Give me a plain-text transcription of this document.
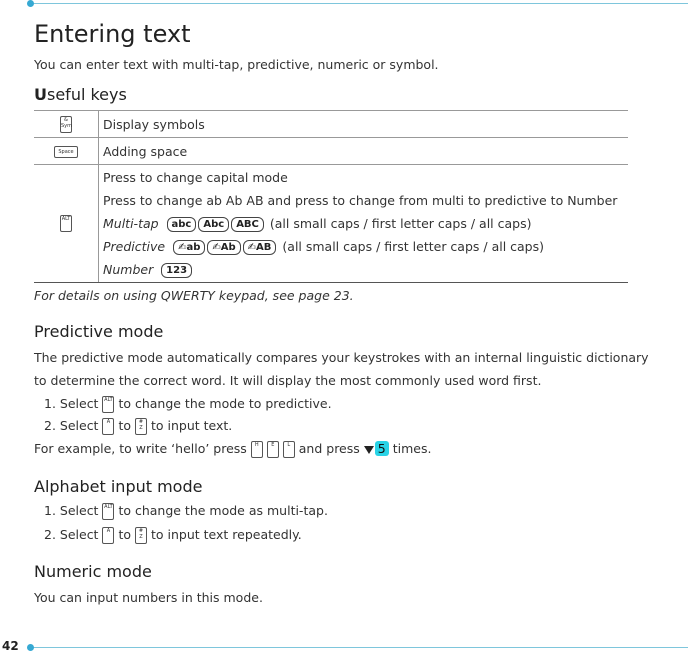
42
Entering text
You can enter text with multi-tap, predictive, numeric or symbol.
Useful keys
&
Sym	Display symbols

Space	Adding space

ALT	Press to change capital mode
Press to change ab Ab AB and press to change from multi to predictive to Number
Multi-tap abc Abc ABC (all small caps / first letter caps / all caps)
Predictive ✍ab ✍Ab ✍AB (all small caps / first letter caps / all caps)
Number 123
For details on using QWERTY keypad, see page 23.
Predictive mode
The predictive mode automatically compares your keystrokes with an internal linguistic dictionary
to determine the correct word. It will display the most commonly used word first.
1. Select ALT to change the mode to predictive.
2. Select A to #
Z to input text.
For example, to write ‘hello’ press H	E	L and press 5 times.
Alphabet input mode
1. Select ALT to change the mode as multi-tap.
2. Select A to #
Z to input text repeatedly.
Numeric mode
You can input numbers in this mode.
